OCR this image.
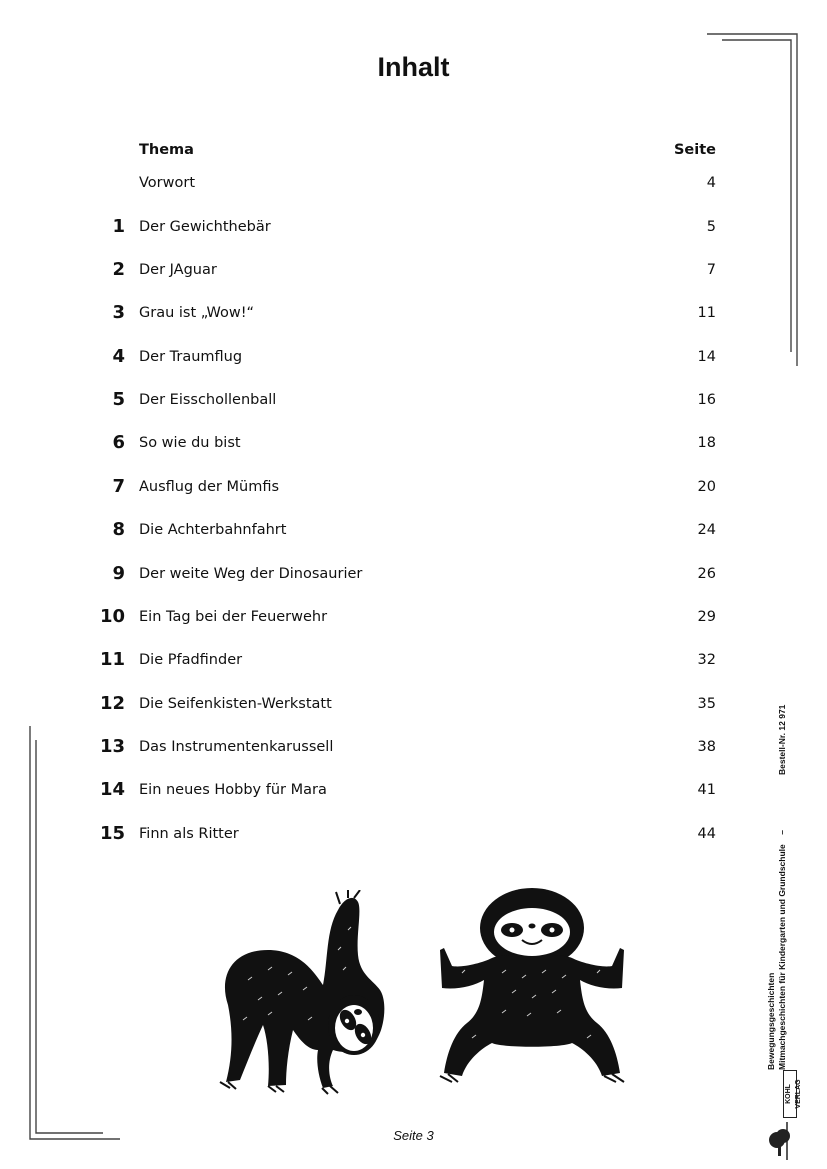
Inhalt
Thema	Seite
Vorwort	4
1 Der Gewichthebär	5
2 Der JAguar	7
3 Grau ist „Wow!“	11
4 Der Traumflug	14
5 Der Eisschollenball	16
6 So wie du bist	18
7 Ausflug der Mümfis	20
8 Die Achterbahnfahrt	24
9 Der weite Weg der Dinosaurier	26
10 Ein Tag bei der Feuerwehr	29
11 Die Pfadfinder	32
12 Die Seifenkisten-Werkstatt	35
13 Das Instrumentenkarussell	38
14 Ein neues Hobby für Mara	41
15 Finn als Ritter	44
Seite 3
Bewegungsgeschichten Mitmachgeschichten für Kindergarten und Grundschule    –
Bestell-Nr. 12 971
KOHL VERLAG
